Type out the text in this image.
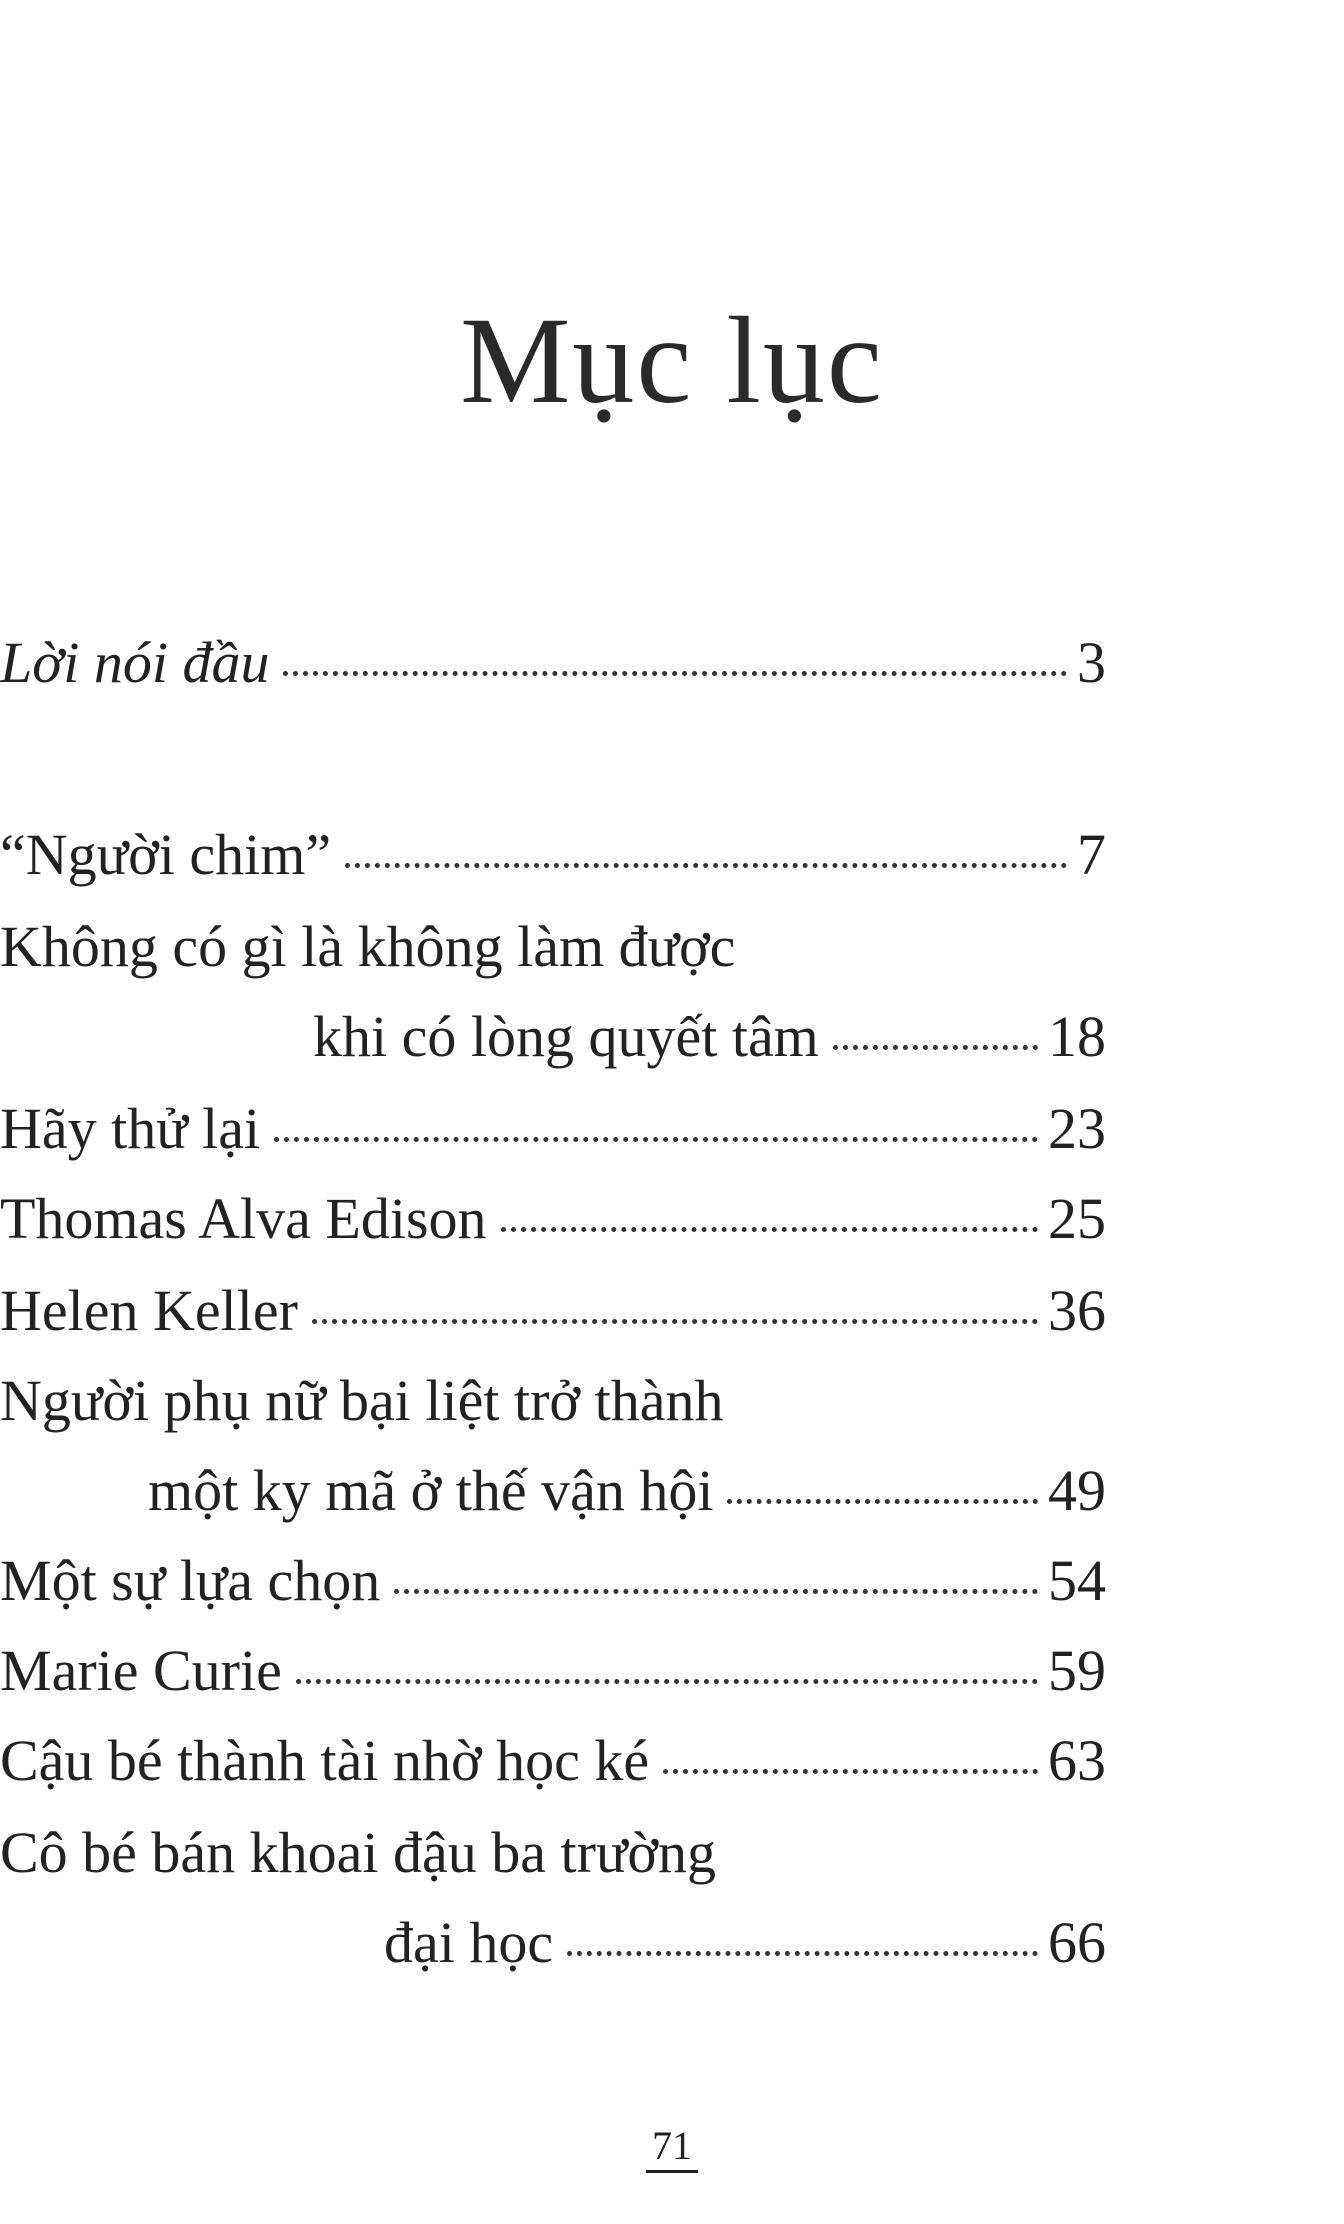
Mục lục
Lời nói đầu	3
“Người chim”	7
Không có gì là không làm được
khi có lòng quyết tâm	18
Hãy thử lại	23
Thomas Alva Edison	25
Helen Keller	36
Người phụ nữ bại liệt trở thành
một ky mã ở thế vận hội	49
Một sự lựa chọn	54
Marie Curie	59
Cậu bé thành tài nhờ học ké	63
Cô bé bán khoai đậu ba trường
đại học	66
71
